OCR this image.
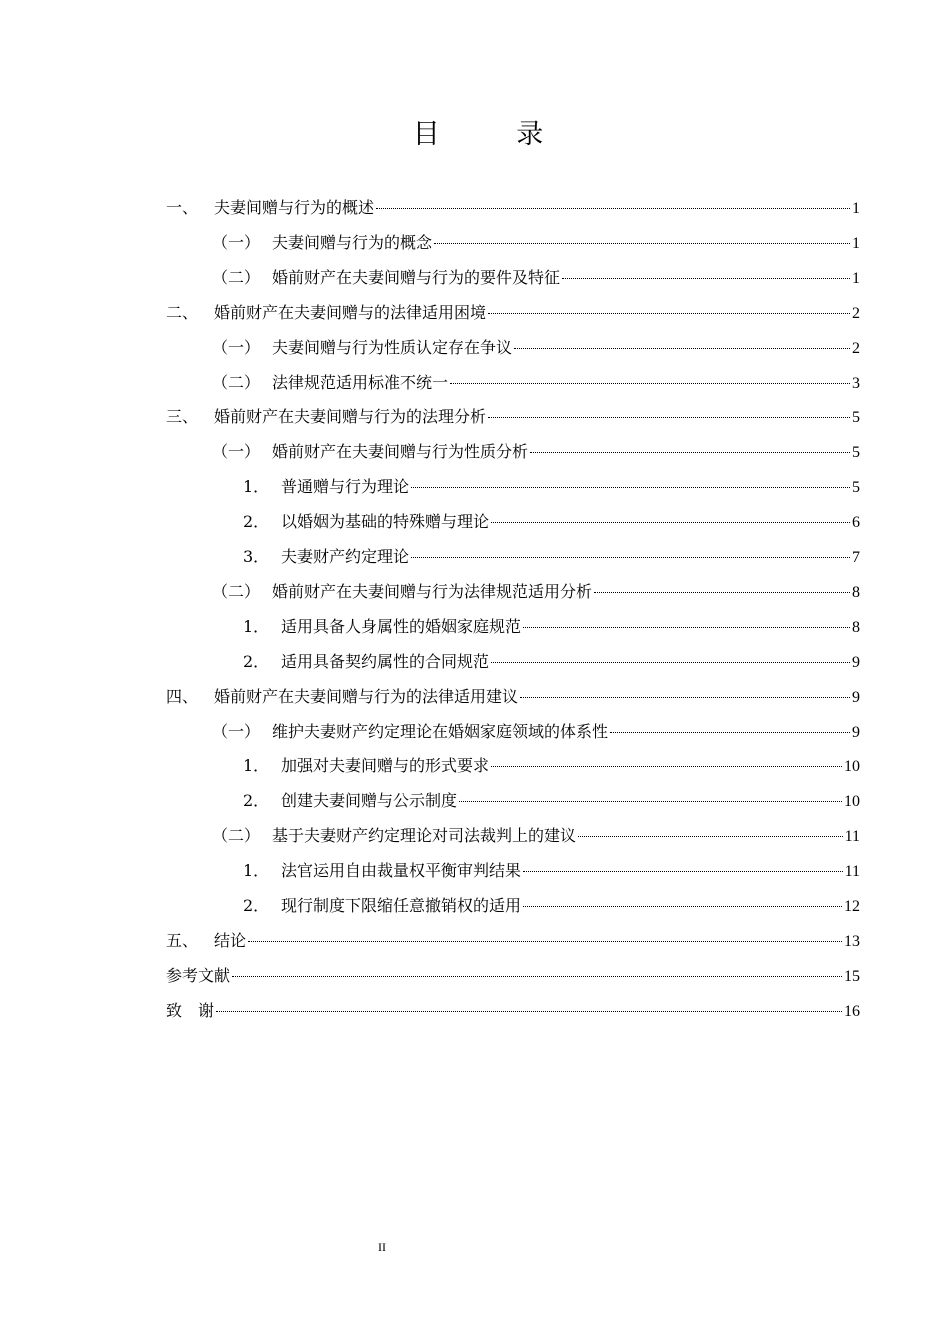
目 录
一、 夫妻间赠与行为的概述	1
（一） 夫妻间赠与行为的概念	1
（二） 婚前财产在夫妻间赠与行为的要件及特征	1
二、 婚前财产在夫妻间赠与的法律适用困境	2
（一） 夫妻间赠与行为性质认定存在争议	2
（二） 法律规范适用标准不统一	3
三、 婚前财产在夫妻间赠与行为的法理分析	5
（一） 婚前财产在夫妻间赠与行为性质分析	5
1． 普通赠与行为理论	5
2． 以婚姻为基础的特殊赠与理论	6
3． 夫妻财产约定理论	7
（二） 婚前财产在夫妻间赠与行为法律规范适用分析	8
1． 适用具备人身属性的婚姻家庭规范	8
2． 适用具备契约属性的合同规范	9
四、 婚前财产在夫妻间赠与行为的法律适用建议	9
（一） 维护夫妻财产约定理论在婚姻家庭领域的体系性	9
1． 加强对夫妻间赠与的形式要求	10
2． 创建夫妻间赠与公示制度	10
（二） 基于夫妻财产约定理论对司法裁判上的建议	11
1． 法官运用自由裁量权平衡审判结果	11
2． 现行制度下限缩任意撤销权的适用	12
五、 结论	13
参考文献	15
致　谢	16
II
